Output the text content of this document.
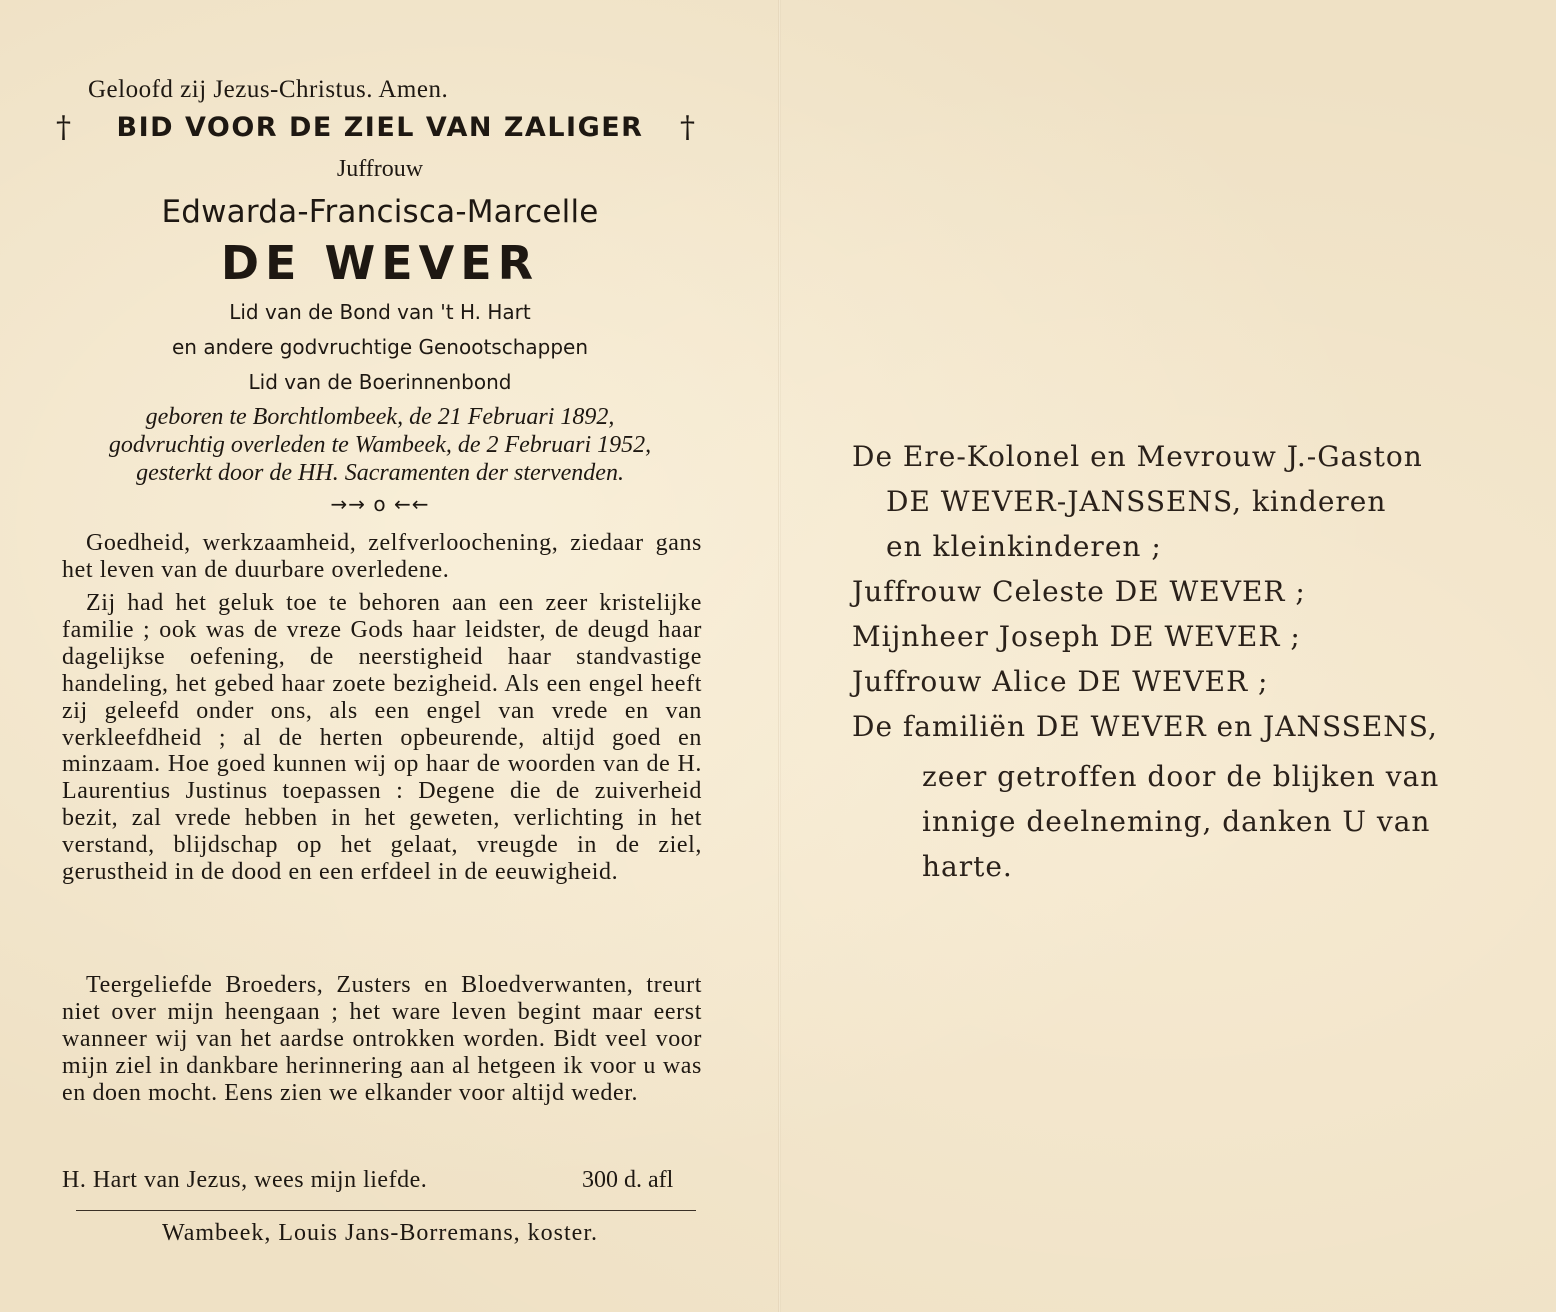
Geloofd zij Jezus-Christus. Amen.
†	BID VOOR DE ZIEL VAN ZALIGER	†
Juffrouw
Edwarda-Francisca-Marcelle
DE WEVER
Lid van de Bond van 't H. Hart
en andere godvruchtige Genootschappen
Lid van de Boerinnenbond
geboren te Borchtlombeek, de 21 Februari 1892,
godvruchtig overleden te Wambeek, de 2 Februari 1952,
gesterkt door de HH. Sacramenten der stervenden.
→→ o ←←
Goedheid, werkzaamheid, zelfverloochening, ziedaar gans het leven van de duurbare overledene.
Zij had het geluk toe te behoren aan een zeer kristelijke familie ; ook was de vreze Gods haar leidster, de deugd haar dagelijkse oefening, de neerstigheid haar standvastige handeling, het gebed haar zoete bezigheid. Als een engel heeft zij geleefd onder ons, als een engel van vrede en van verkleefdheid ; al de herten opbeurende, altijd goed en minzaam. Hoe goed kunnen wij op haar de woorden van de H. Laurentius Justinus toepassen : Degene die de zuiverheid bezit, zal vrede hebben in het geweten, verlichting in het verstand, blijdschap op het gelaat, vreugde in de ziel, gerustheid in de dood en een erfdeel in de eeuwigheid.
Teergeliefde Broeders, Zusters en Bloedverwanten, treurt niet over mijn heengaan ; het ware leven begint maar eerst wanneer wij van het aardse ontrokken worden. Bidt veel voor mijn ziel in dankbare herinnering aan al hetgeen ik voor u was en doen mocht. Eens zien we elkander voor altijd weder.
H. Hart van Jezus, wees mijn liefde.	300 d. afl
Wambeek, Louis Jans-Borremans, koster.
De Ere-Kolonel en Mevrouw J.-Gaston
DE WEVER-JANSSENS, kinderen
en kleinkinderen ;
Juffrouw Celeste DE WEVER ;
Mijnheer Joseph DE WEVER ;
Juffrouw Alice DE WEVER ;
De familiën DE WEVER en JANSSENS,
zeer getroffen door de blijken van
innige deelneming, danken U van
harte.
